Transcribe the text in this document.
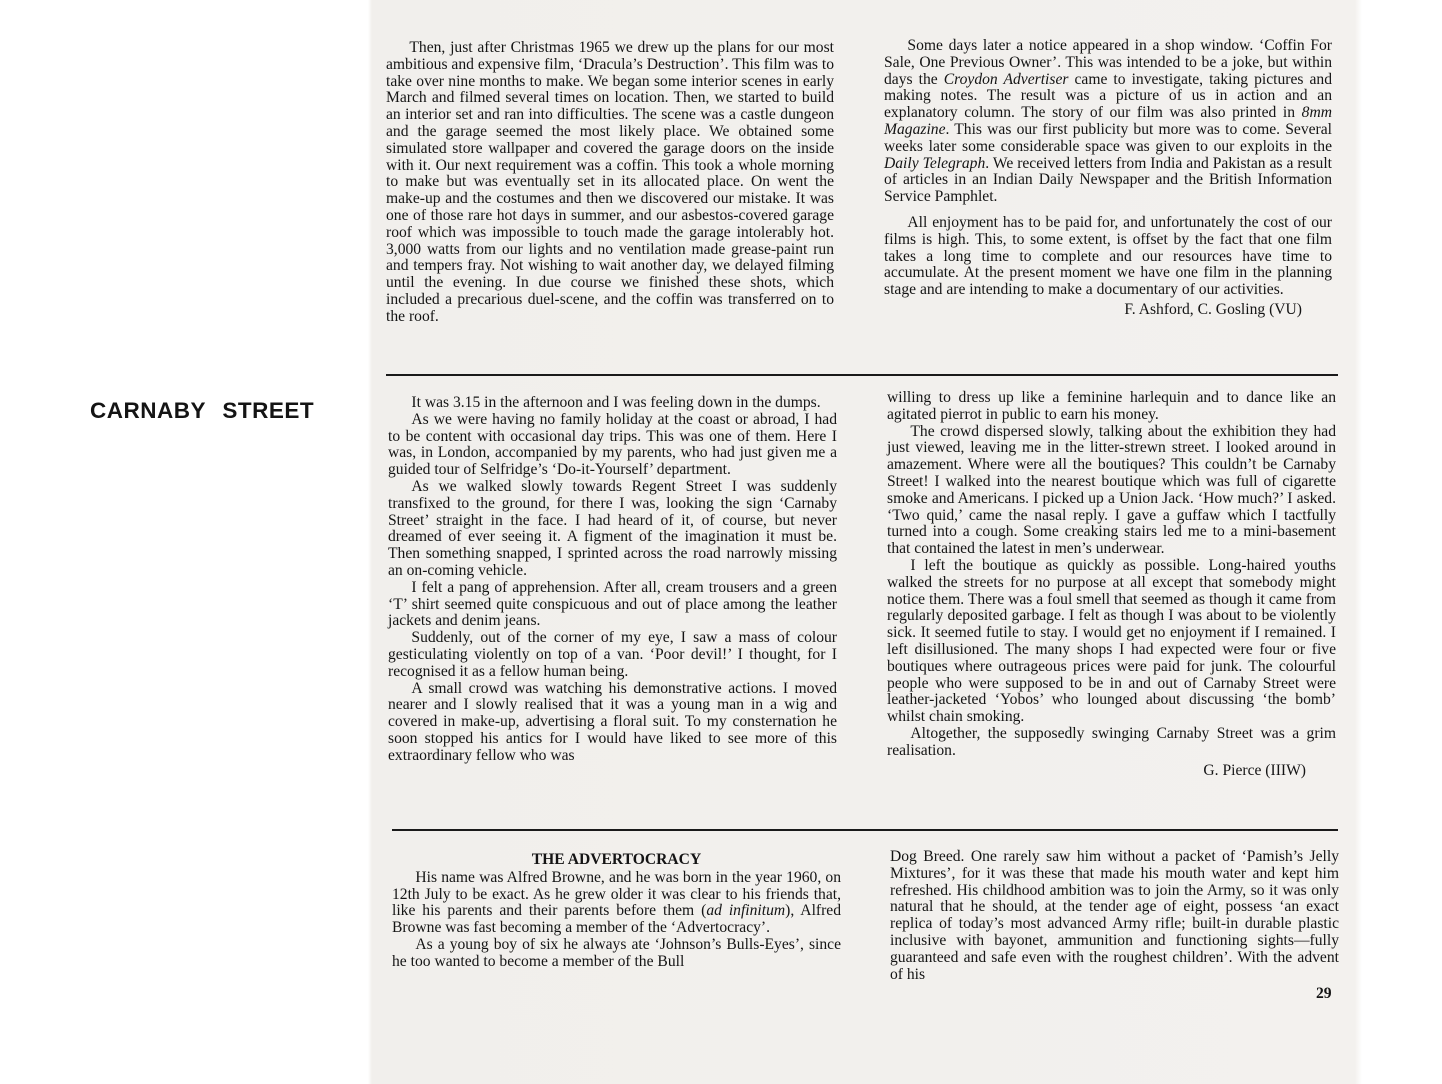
Then, just after Christmas 1965 we drew up the plans for our most ambitious and expensive film, ‘Dracula’s Destruction’. This film was to take over nine months to make. We began some interior scenes in early March and filmed several times on location. Then, we started to build an interior set and ran into difficulties. The scene was a castle dungeon and the garage seemed the most likely place. We obtained some simulated store wallpaper and covered the garage doors on the inside with it. Our next requirement was a coffin. This took a whole morning to make but was eventually set in its allocated place. On went the make-up and the costumes and then we discovered our mistake. It was one of those rare hot days in summer, and our asbestos-covered garage roof which was impossible to touch made the garage intolerably hot. 3,000 watts from our lights and no ventilation made grease-paint run and tempers fray. Not wishing to wait another day, we delayed filming until the evening. In due course we finished these shots, which included a precarious duel-scene, and the coffin was transferred on to the roof.

Some days later a notice appeared in a shop window. ‘Coffin For Sale, One Previous Owner’. This was intended to be a joke, but within days the Croydon Advertiser came to investigate, taking pictures and making notes. The result was a picture of us in action and an explanatory column. The story of our film was also printed in 8mm Magazine. This was our first publicity but more was to come. Several weeks later some considerable space was given to our exploits in the Daily Telegraph. We received letters from India and Pakistan as a result of articles in an Indian Daily Newspaper and the British Information Service Pamphlet.

All enjoyment has to be paid for, and unfortunately the cost of our films is high. This, to some extent, is offset by the fact that one film takes a long time to complete and our resources have time to accumulate. At the present moment we have one film in the planning stage and are intending to make a documentary of our activities.

F. Ashford, C. Gosling (VU)
CARNABY STREET	It was 3.15 in the afternoon and I was feeling down in the dumps.

As we were having no family holiday at the coast or abroad, I had to be content with occasional day trips. This was one of them. Here I was, in London, accompanied by my parents, who had just given me a guided tour of Selfridge’s ‘Do-it-Yourself’ department.

As we walked slowly towards Regent Street I was suddenly transfixed to the ground, for there I was, looking the sign ‘Carnaby Street’ straight in the face. I had heard of it, of course, but never dreamed of ever seeing it. A figment of the imagination it must be. Then something snapped, I sprinted across the road narrowly missing an on-coming vehicle.

I felt a pang of apprehension. After all, cream trousers and a green ‘T’ shirt seemed quite conspicuous and out of place among the leather jackets and denim jeans.

Suddenly, out of the corner of my eye, I saw a mass of colour gesticulating violently on top of a van. ‘Poor devil!’ I thought, for I recognised it as a fellow human being.

A small crowd was watching his demonstrative actions. I moved nearer and I slowly realised that it was a young man in a wig and covered in make-up, advertising a floral suit. To my consternation he soon stopped his antics for I would have liked to see more of this extraordinary fellow who was

willing to dress up like a feminine harlequin and to dance like an agitated pierrot in public to earn his money.

The crowd dispersed slowly, talking about the exhibition they had just viewed, leaving me in the litter-strewn street. I looked around in amazement. Where were all the boutiques? This couldn’t be Carnaby Street! I walked into the nearest boutique which was full of cigarette smoke and Americans. I picked up a Union Jack. ‘How much?’ I asked. ‘Two quid,’ came the nasal reply. I gave a guffaw which I tactfully turned into a cough. Some creaking stairs led me to a mini-basement that contained the latest in men’s underwear.

I left the boutique as quickly as possible. Long-haired youths walked the streets for no purpose at all except that somebody might notice them. There was a foul smell that seemed as though it came from regularly deposited garbage. I felt as though I was about to be violently sick. It seemed futile to stay. I would get no enjoyment if I remained. I left disillusioned. The many shops I had expected were four or five boutiques where outrageous prices were paid for junk. The colourful people who were supposed to be in and out of Carnaby Street were leather-jacketed ‘Yobos’ who lounged about discussing ‘the bomb’ whilst chain smoking.

Altogether, the supposedly swinging Carnaby Street was a grim realisation.

G. Pierce (IIIW)
THE ADVERTOCRACY

His name was Alfred Browne, and he was born in the year 1960, on 12th July to be exact. As he grew older it was clear to his friends that, like his parents and their parents before them (ad infinitum), Alfred Browne was fast becoming a member of the ‘Advertocracy’.

As a young boy of six he always ate ‘Johnson’s Bulls-Eyes’, since he too wanted to become a member of the Bull

Dog Breed. One rarely saw him without a packet of ‘Pamish’s Jelly Mixtures’, for it was these that made his mouth water and kept him refreshed. His childhood ambition was to join the Army, so it was only natural that he should, at the tender age of eight, possess ‘an exact replica of today’s most advanced Army rifle; built-in durable plastic inclusive with bayonet, ammunition and functioning sights—fully guaranteed and safe even with the roughest children’. With the advent of his

29
